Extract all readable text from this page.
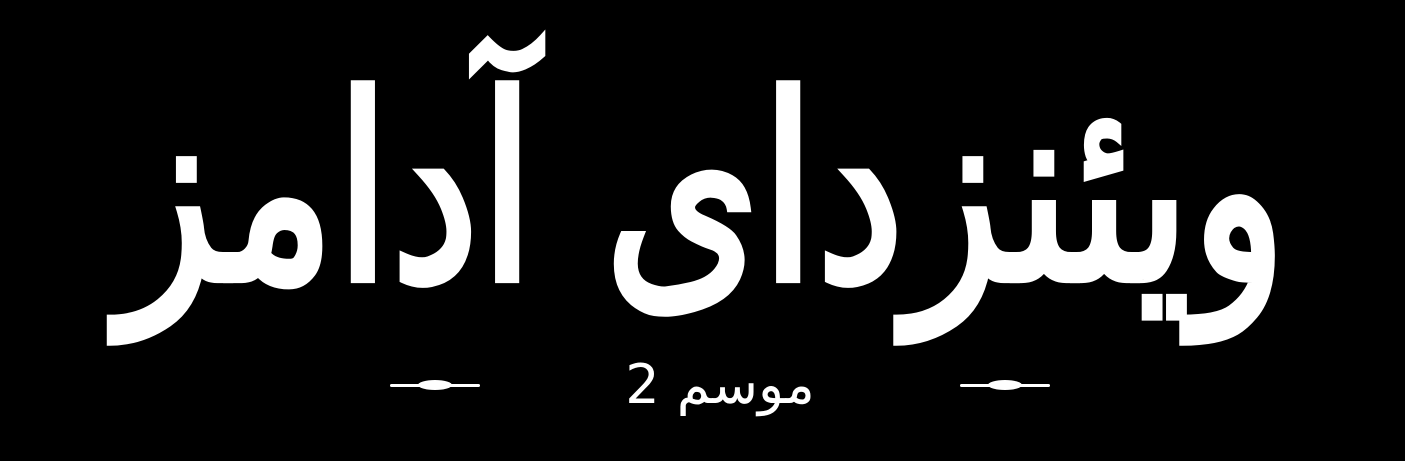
ویئنزدای آدامز
موسم 2
